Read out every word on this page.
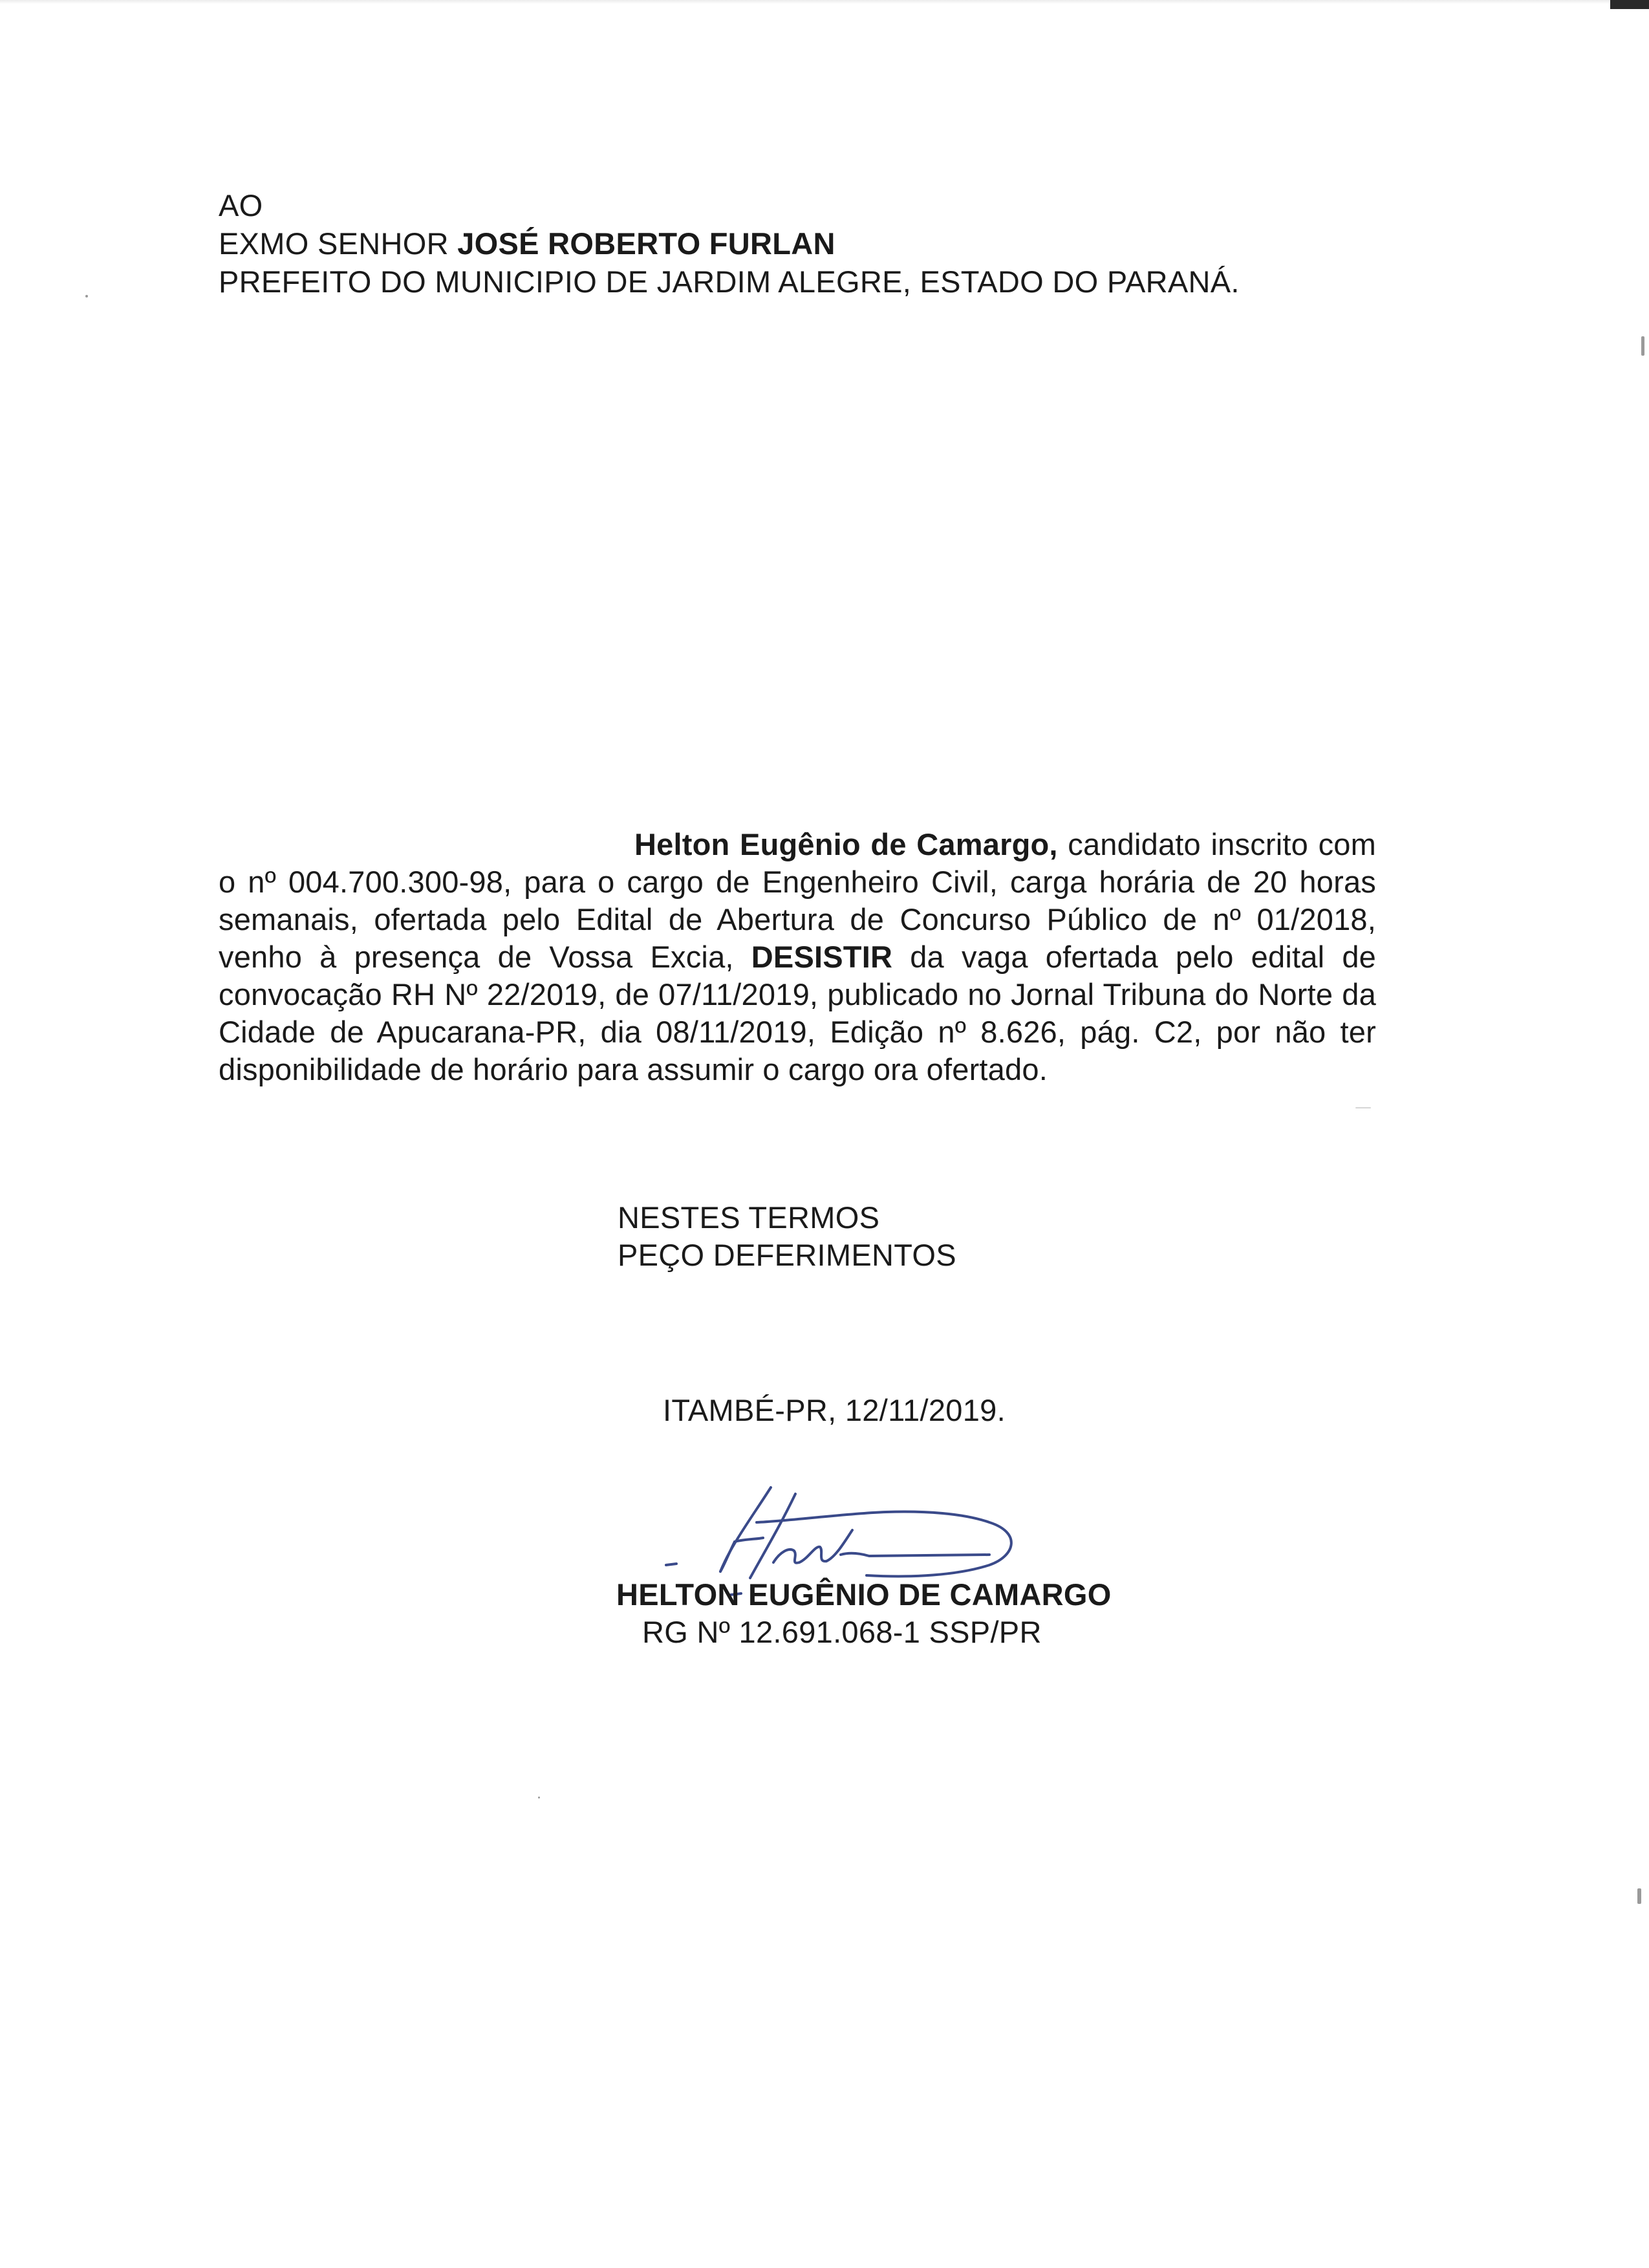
AO
EXMO SENHOR JOSÉ ROBERTO FURLAN
PREFEITO DO MUNICIPIO DE JARDIM ALEGRE, ESTADO DO PARANÁ.
Helton Eugênio de Camargo, candidato inscrito com o nº 004.700.300-98, para o cargo de Engenheiro Civil, carga horária de 20 horas semanais, ofertada pelo Edital de Abertura de Concurso Público de nº 01/2018, venho à presença de Vossa Excia, DESISTIR da vaga ofertada pelo edital de convocação RH Nº 22/2019, de 07/11/2019, publicado no Jornal Tribuna do Norte da Cidade de Apucarana-PR, dia 08/11/2019, Edição nº 8.626, pág. C2, por não ter disponibilidade de horário para assumir o cargo ora ofertado.
NESTES TERMOS
PEÇO DEFERIMENTOS
ITAMBÉ-PR, 12/11/2019.
HELTON EUGÊNIO DE CAMARGO
RG Nº 12.691.068-1 SSP/PR
